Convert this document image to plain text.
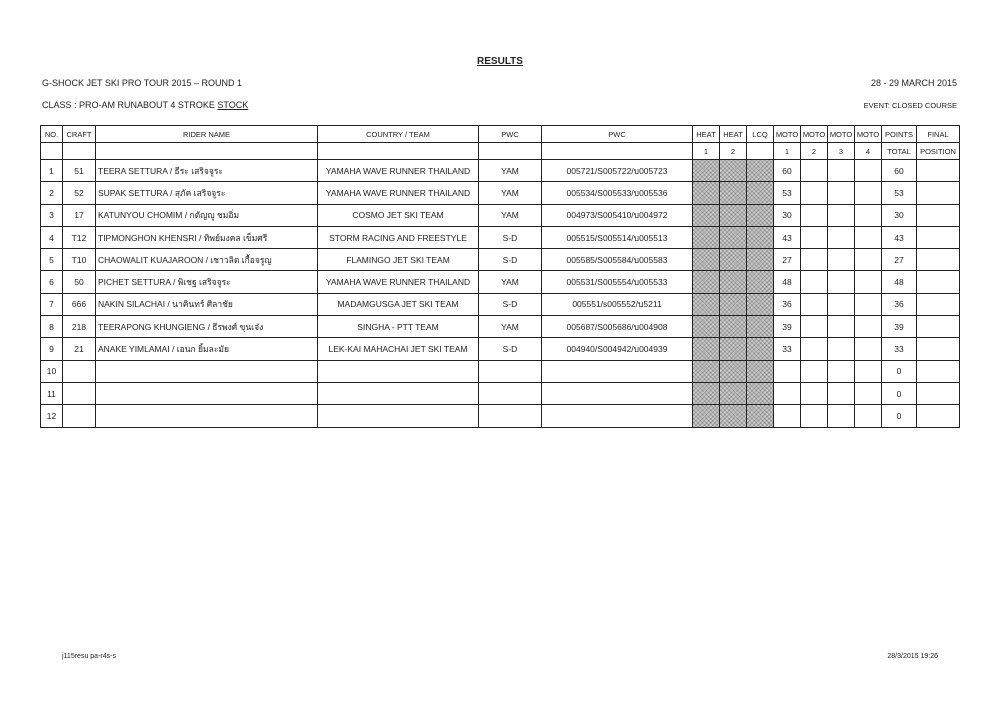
RESULTS
G-SHOCK JET SKI PRO TOUR 2015 – ROUND 1	28 - 29 MARCH 2015
CLASS : PRO-AM RUNABOUT 4 STROKE STOCK	EVENT: CLOSED COURSE
NO.	CRAFT	RIDER NAME	COUNTRY / TEAM	PWC	PWC	HEAT	HEAT	LCQ	MOTO	MOTO	MOTO	MOTO	POINTS	FINAL
						1	2		1	2	3	4	TOTAL	POSITION
1	51	TEERA SETTURA / ธีระ เสริจจูระ	YAMAHA WAVE RUNNER THAILAND	YAM	005721/S005722/บ005723				60				60	
2	52	SUPAK SETTURA / สุภัค เสริจจูระ	YAMAHA WAVE RUNNER THAILAND	YAM	005534/S005533/บ005536				53				53	
3	17	KATUNYOU CHOMIM / กตัญญู ชมอิ่ม	COSMO JET SKI TEAM	YAM	004973/S005410/บ004972				30				30	
4	T12	TIPMONGHON KHENSRI / ทิพย์มงคล เข็มศรี	STORM RACING AND FREESTYLE	S-D	005515/S005514/บ005513				43				43	
5	T10	CHAOWALIT KUAJAROON / เชาวลิต เกื้อจรูญ	FLAMINGO JET SKI TEAM	S-D	005585/S005584/บ005583				27				27	
6	50	PICHET SETTURA / พิเชฐ เสริจจูระ	YAMAHA WAVE RUNNER THAILAND	YAM	005531/S005554/บ005533				48				48	
7	666	NAKIN SILACHAI / นาคินทร์ ศิลาชัย	MADAMGUSGA JET SKI TEAM	S-D	005551/s005552/บ5211				36				36	
8	218	TEERAPONG KHUNGIENG / ธีรพงศ์ ขุนเจ๋ง	SINGHA - PTT TEAM	YAM	005687/S005686/บ004908				39				39	
9	21	ANAKE YIMLAMAI / เอนก ยิ้มละมัย	LEK-KAI MAHACHAI JET SKI TEAM	S-D	004940/S004942/บ004939				33				33	
10													0	
11													0	
12													0	
j115resu pa-r4s-s	28/3/2015 19:26
